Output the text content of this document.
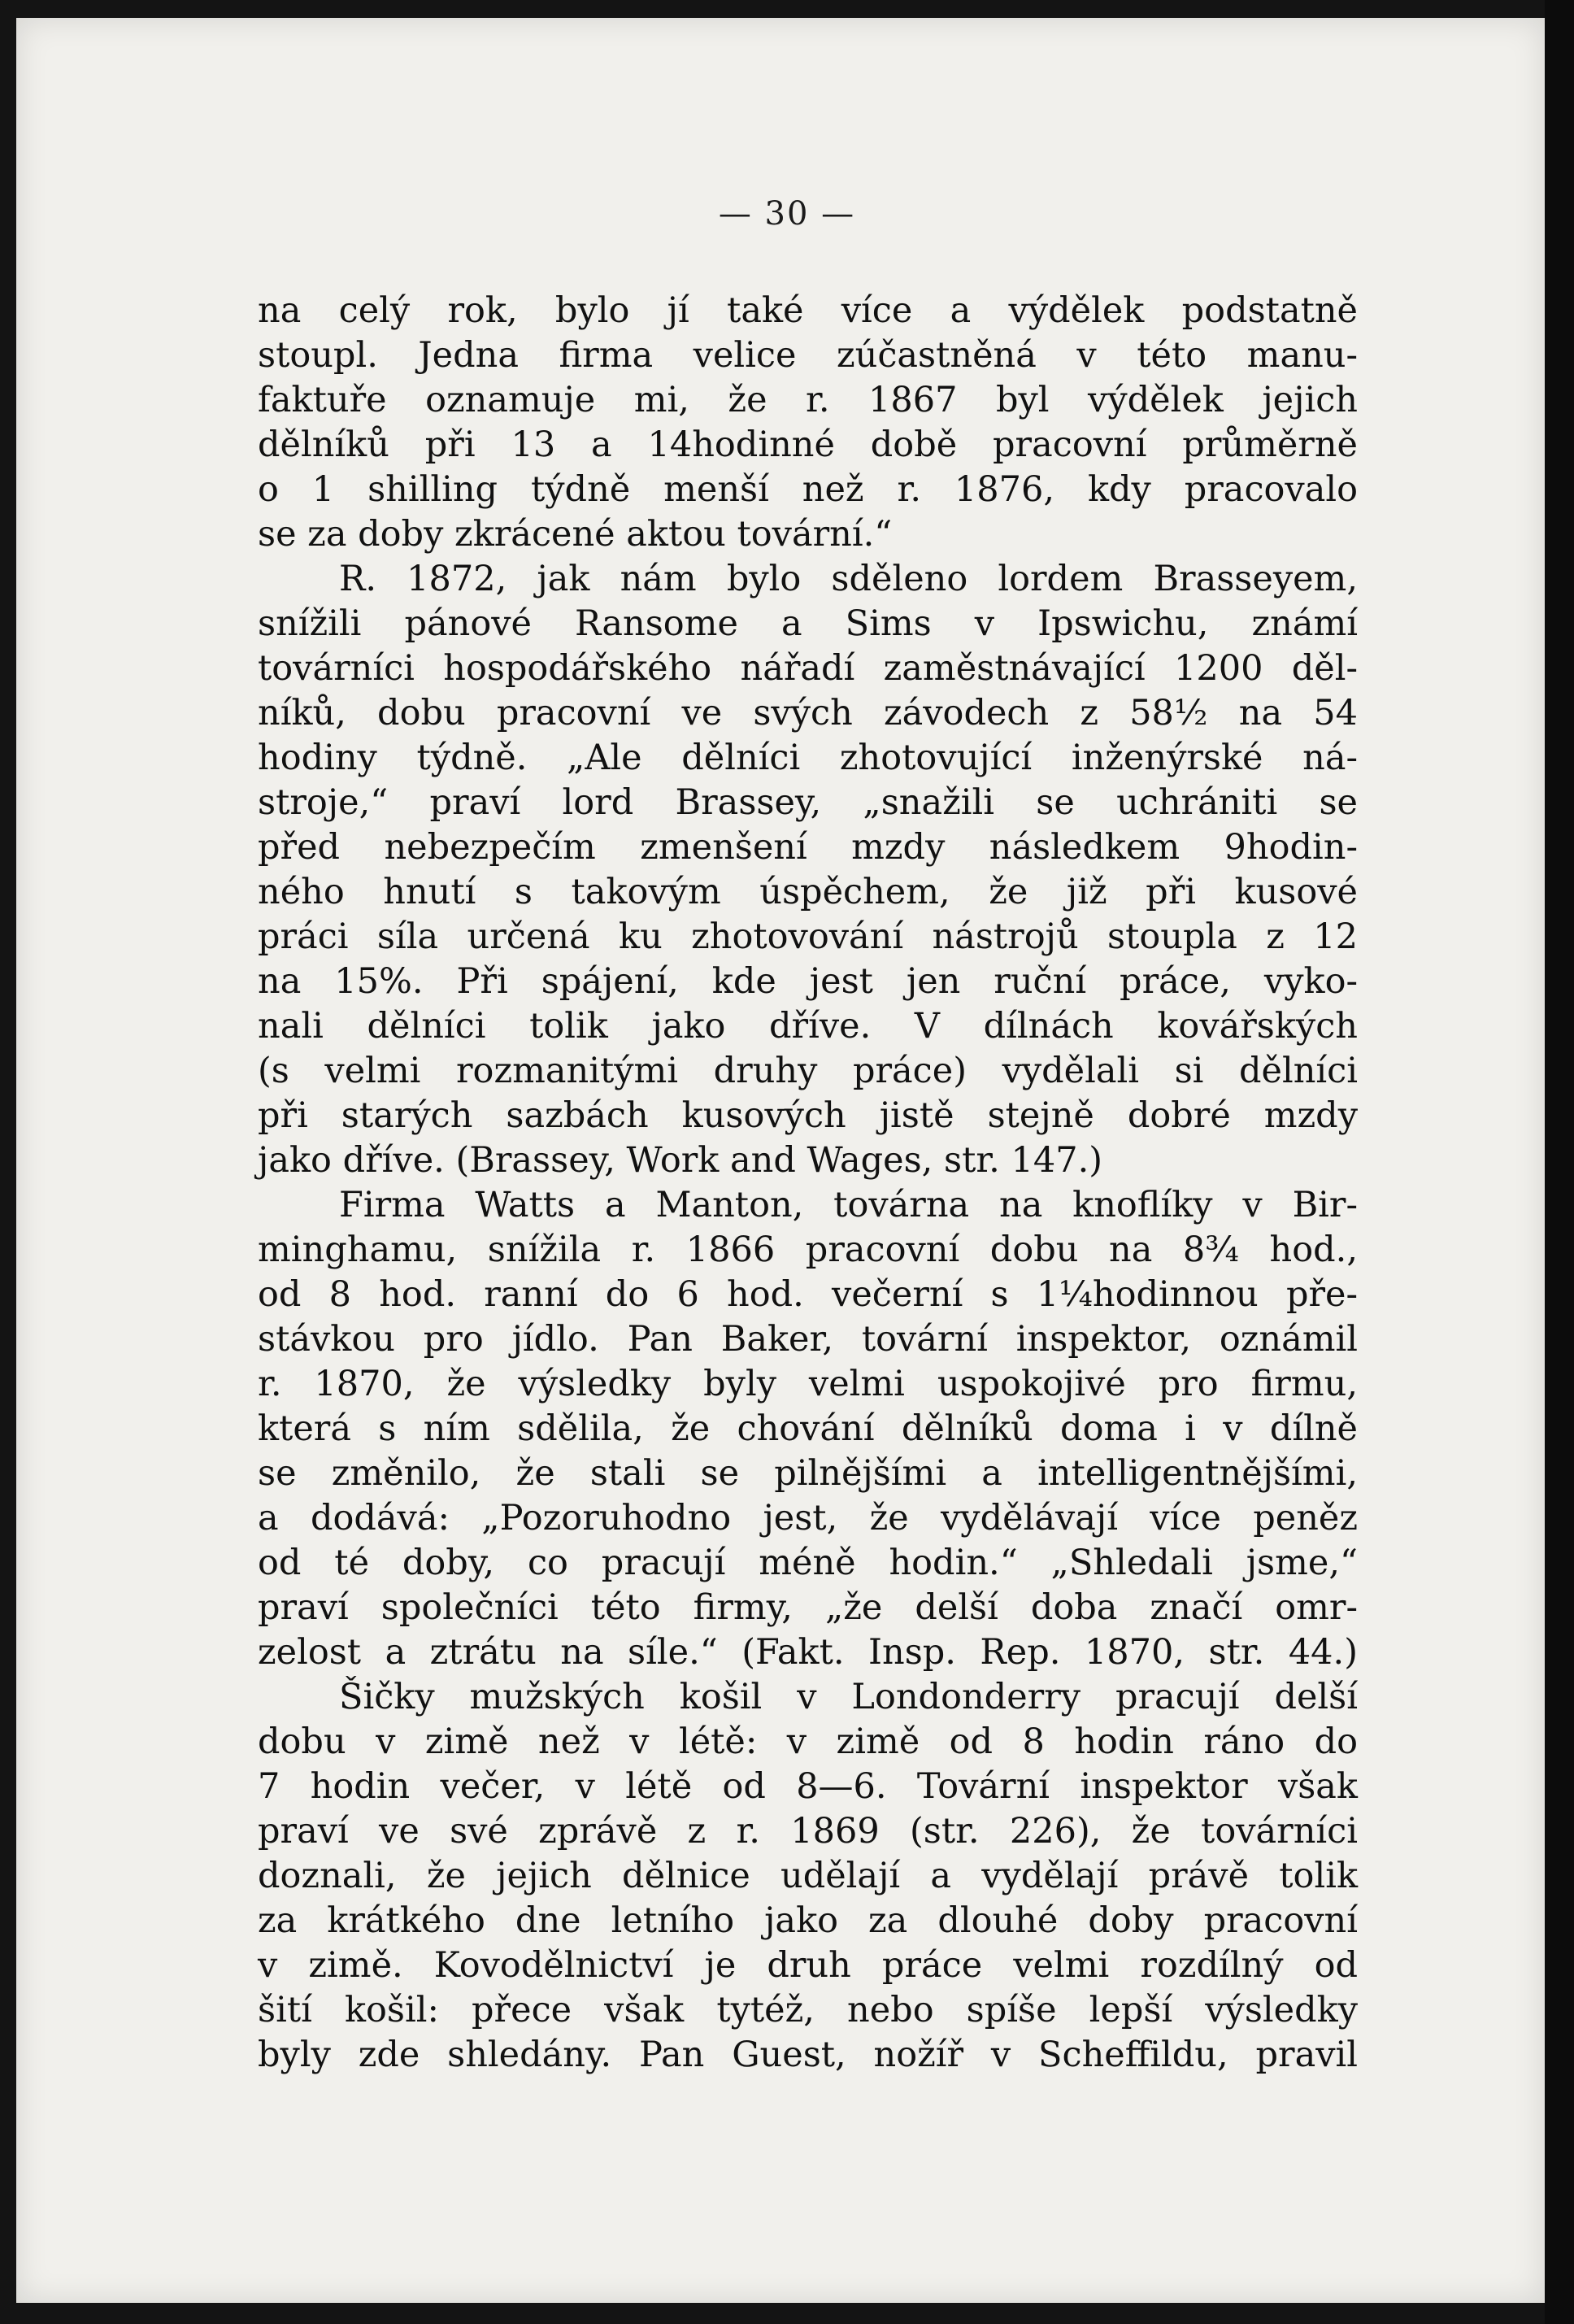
— 30 —
na celý rok, bylo jí také více a výdělek podstatně
stoupl. Jedna firma velice zúčastněná v této manu-
faktuře oznamuje mi, že r. 1867 byl výdělek jejich
dělníků při 13 a 14hodinné době pracovní průměrně
o 1 shilling týdně menší než r. 1876, kdy pracovalo
se za doby zkrácené aktou tovární.“
R. 1872, jak nám bylo sděleno lordem Brasseyem,
snížili pánové Ransome a Sims v Ipswichu, známí
továrníci hospodářského nářadí zaměstnávající 1200 děl-
níků, dobu pracovní ve svých závodech z 58½ na 54
hodiny týdně. „Ale dělníci zhotovující inženýrské ná-
stroje,“ praví lord Brassey, „snažili se uchrániti se
před nebezpečím zmenšení mzdy následkem 9hodin-
ného hnutí s takovým úspěchem, že již při kusové
práci síla určená ku zhotovování nástrojů stoupla z 12
na 15%. Při spájení, kde jest jen ruční práce, vyko-
nali dělníci tolik jako dříve. V dílnách kovářských
(s velmi rozmanitými druhy práce) vydělali si dělníci
při starých sazbách kusových jistě stejně dobré mzdy
jako dříve. (Brassey, Work and Wages, str. 147.)
Firma Watts a Manton, továrna na knoflíky v Bir-
minghamu, snížila r. 1866 pracovní dobu na 8¾ hod.,
od 8 hod. ranní do 6 hod. večerní s 1¼hodinnou pře-
stávkou pro jídlo. Pan Baker, tovární inspektor, oznámil
r. 1870, že výsledky byly velmi uspokojivé pro firmu,
která s ním sdělila, že chování dělníků doma i v dílně
se změnilo, že stali se pilnějšími a intelligentnějšími,
a dodává: „Pozoruhodno jest, že vydělávají více peněz
od té doby, co pracují méně hodin.“ „Shledali jsme,“
praví společníci této firmy, „že delší doba značí omr-
zelost a ztrátu na síle.“ (Fakt. Insp. Rep. 1870, str. 44.)
Šičky mužských košil v Londonderry pracují delší
dobu v zimě než v létě: v zimě od 8 hodin ráno do
7 hodin večer, v létě od 8—6. Tovární inspektor však
praví ve své zprávě z r. 1869 (str. 226), že továrníci
doznali, že jejich dělnice udělají a vydělají právě tolik
za krátkého dne letního jako za dlouhé doby pracovní
v zimě. Kovodělnictví je druh práce velmi rozdílný od
šití košil: přece však tytéž, nebo spíše lepší výsledky
byly zde shledány. Pan Guest, nožíř v Scheffildu, pravil
